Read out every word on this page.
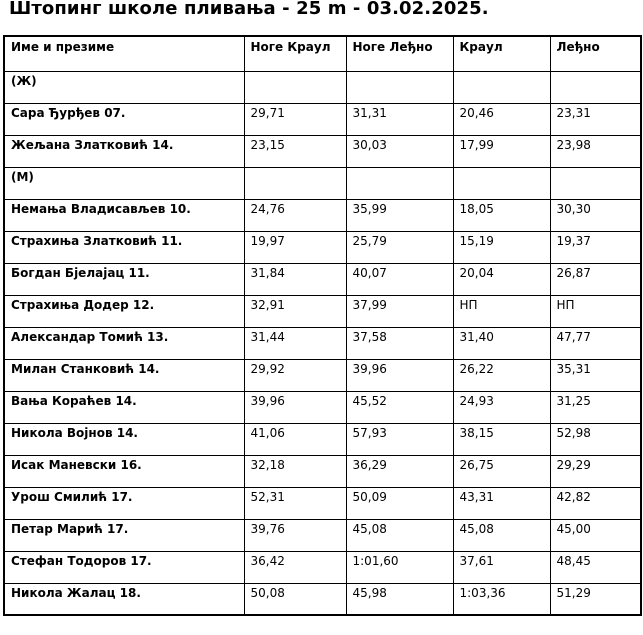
Штопинг школе пливања - 25 m - 03.02.2025.
Име и презиме	Ноге Краул	Ноге Леђно	Краул	Леђно
(Ж)				
Сара Ђурђев 07.	29,71	31,31	20,46	23,31
Жељана Златковић 14.	23,15	30,03	17,99	23,98
(М)				
Немања Владисављев 10.	24,76	35,99	18,05	30,30
Страхиња Златковић 11.	19,97	25,79	15,19	19,37
Богдан Бјелајац 11.	31,84	40,07	20,04	26,87
Страхиња Додер 12.	32,91	37,99	НП	НП
Александар Томић 13.	31,44	37,58	31,40	47,77
Милан Станковић 14.	29,92	39,96	26,22	35,31
Вања Кораћев 14.	39,96	45,52	24,93	31,25
Никола Војнов 14.	41,06	57,93	38,15	52,98
Исак Маневски 16.	32,18	36,29	26,75	29,29
Урош Смилић 17.	52,31	50,09	43,31	42,82
Петар Марић 17.	39,76	45,08	45,08	45,00
Стефан Тодоров 17.	36,42	1:01,60	37,61	48,45
Никола Жалац 18.	50,08	45,98	1:03,36	51,29
